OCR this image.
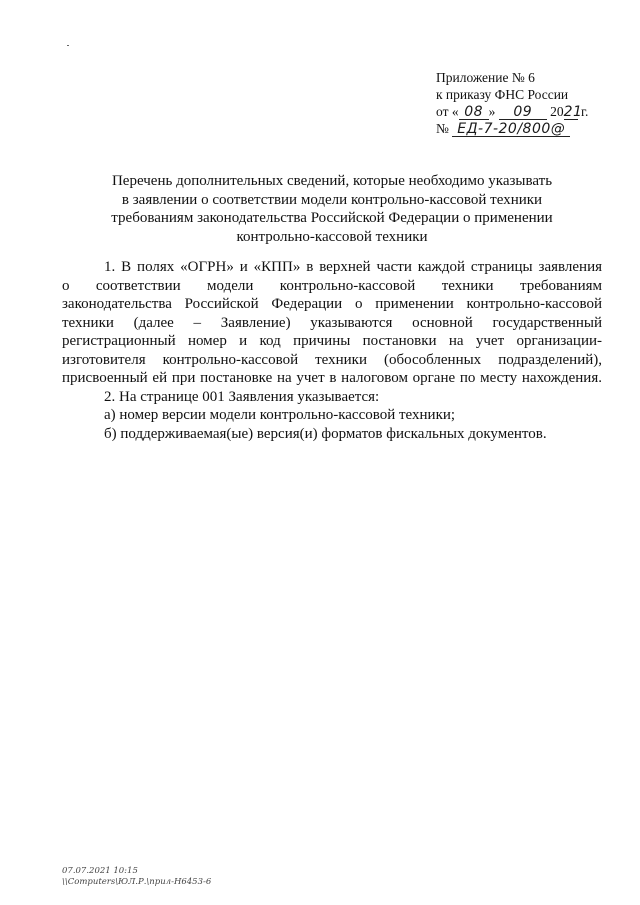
Приложение № 6
к приказу ФНС России
от « 08 » 09 2021 г.
№ ЕД-7-20/800@
Перечень дополнительных сведений, которые необходимо указывать
в заявлении о соответствии модели контрольно-кассовой техники
требованиям законодательства Российской Федерации о применении
контрольно-кассовой техники
1. В полях «ОГРН» и «КПП» в верхней части каждой страницы заявления
о соответствии модели контрольно-кассовой техники требованиям
законодательства Российской Федерации о применении контрольно-кассовой
техники (далее – Заявление) указываются основной государственный
регистрационный номер и код причины постановки на учет организации-
изготовителя контрольно-кассовой техники (обособленных подразделений),
присвоенный ей при постановке на учет в налоговом органе по месту нахождения.
2. На странице 001 Заявления указывается:
а) номер версии модели контрольно-кассовой техники;
б) поддерживаемая(ые) версия(и) форматов фискальных документов.
07.07.2021 10:15
\\Сomputers\ЮЛ.Р.\прил-Н6453-6
